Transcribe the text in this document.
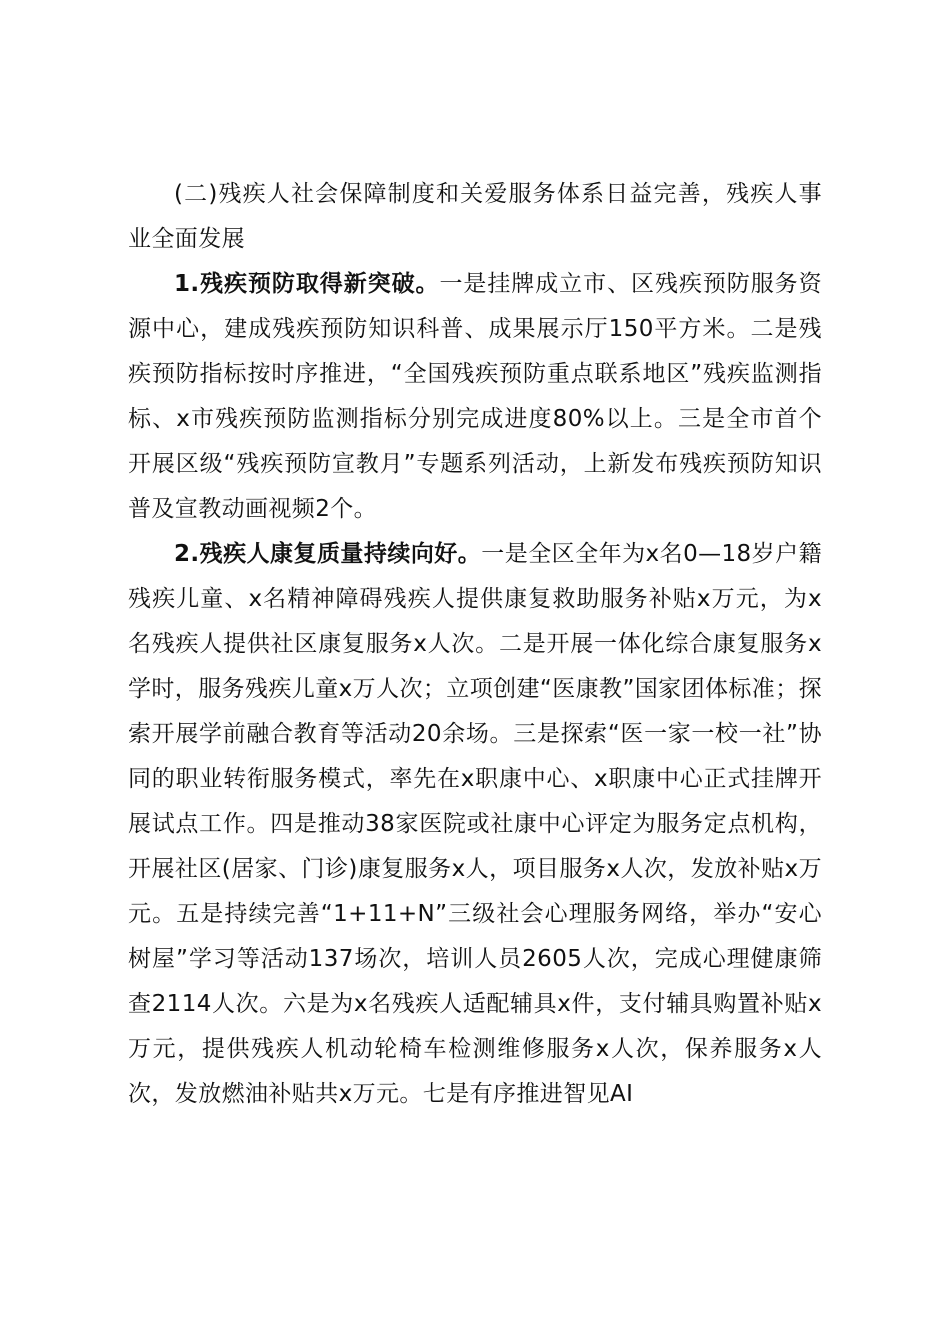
(二)残疾人社会保障制度和关爱服务体系日益完善，残疾人事业全面发展

1.残疾预防取得新突破。一是挂牌成立市、区残疾预防服务资源中心，建成残疾预防知识科普、成果展示厅150平方米。二是残疾预防指标按时序推进，“全国残疾预防重点联系地区”残疾监测指标、x市残疾预防监测指标分别完成进度80%以上。三是全市首个开展区级“残疾预防宣教月”专题系列活动，上新发布残疾预防知识普及宣教动画视频2个。

2.残疾人康复质量持续向好。一是全区全年为x名0—18岁户籍残疾儿童、x名精神障碍残疾人提供康复救助服务补贴x万元，为x名残疾人提供社区康复服务x人次。二是开展一体化综合康复服务x学时，服务残疾儿童x万人次；立项创建“医康教”国家团体标准；探索开展学前融合教育等活动20余场。三是探索“医一家一校一社”协同的职业转衔服务模式，率先在x职康中心、x职康中心正式挂牌开展试点工作。四是推动38家医院或社康中心评定为服务定点机构，开展社区(居家、门诊)康复服务x人，项目服务x人次，发放补贴x万元。五是持续完善“1+11+N”三级社会心理服务网络，举办“安心树屋”学习等活动137场次，培训人员2605人次，完成心理健康筛查2114人次。六是为x名残疾人适配辅具x件，支付辅具购置补贴x万元，提供残疾人机动轮椅车检测维修服务x人次，保养服务x人次，发放燃油补贴共x万元。七是有序推进智见AI
